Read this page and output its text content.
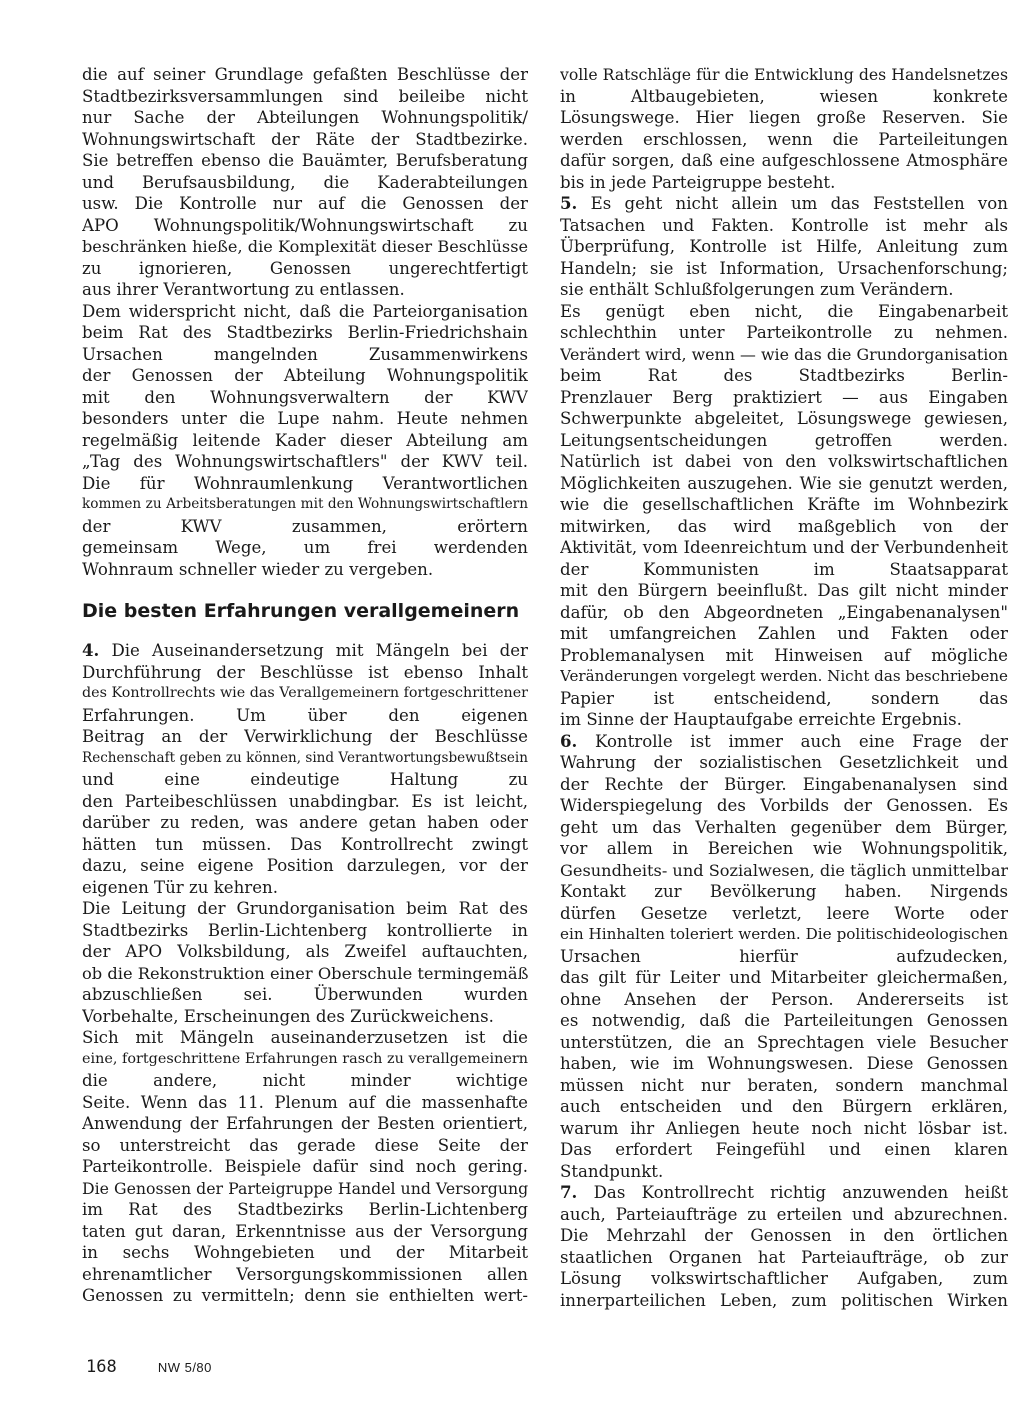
die auf seiner Grundlage gefaßten Beschlüsse der
Stadtbezirksversammlungen sind beileibe nicht
nur Sache der Abteilungen Wohnungspolitik/
Wohnungswirtschaft der Räte der Stadtbezirke.
Sie betreffen ebenso die Bauämter, Berufsberatung
und Berufsausbildung, die Kaderabteilungen
usw. Die Kontrolle nur auf die Genossen der
APO Wohnungspolitik/Wohnungswirtschaft zu
beschränken hieße, die Komplexität dieser Beschlüsse
zu ignorieren, Genossen ungerechtfertigt
aus ihrer Verantwortung zu entlassen.
Dem widerspricht nicht, daß die Parteiorganisation
beim Rat des Stadtbezirks Berlin-Friedrichshain
Ursachen mangelnden Zusammenwirkens
der Genossen der Abteilung Wohnungspolitik
mit den Wohnungsverwaltern der KWV
besonders unter die Lupe nahm. Heute nehmen
regelmäßig leitende Kader dieser Abteilung am
„Tag des Wohnungswirtschaftlers" der KWV teil.
Die für Wohnraumlenkung Verantwortlichen
kommen zu Arbeitsberatungen mit den Wohnungswirtschaftlern
der KWV zusammen, erörtern
gemeinsam Wege, um frei werdenden
Wohnraum schneller wieder zu vergeben.
Die besten Erfahrungen verallgemeinern
4. Die Auseinandersetzung mit Mängeln bei der
Durchführung der Beschlüsse ist ebenso Inhalt
des Kontrollrechts wie das Verallgemeinern fortgeschrittener
Erfahrungen. Um über den eigenen
Beitrag an der Verwirklichung der Beschlüsse
Rechenschaft geben zu können, sind Verantwortungsbewußtsein
und eine eindeutige Haltung zu
den Parteibeschlüssen unabdingbar. Es ist leicht,
darüber zu reden, was andere getan haben oder
hätten tun müssen. Das Kontrollrecht zwingt
dazu, seine eigene Position darzulegen, vor der
eigenen Tür zu kehren.
Die Leitung der Grundorganisation beim Rat des
Stadtbezirks Berlin-Lichtenberg kontrollierte in
der APO Volksbildung, als Zweifel auftauchten,
ob die Rekonstruktion einer Oberschule termingemäß
abzuschließen sei. Überwunden wurden
Vorbehalte, Erscheinungen des Zurückweichens.
Sich mit Mängeln auseinanderzusetzen ist die
eine, fortgeschrittene Erfahrungen rasch zu verallgemeinern
die andere, nicht minder wichtige
Seite. Wenn das 11. Plenum auf die massenhafte
Anwendung der Erfahrungen der Besten orientiert,
so unterstreicht das gerade diese Seite der
Parteikontrolle. Beispiele dafür sind noch gering.
Die Genossen der Parteigruppe Handel und Versorgung
im Rat des Stadtbezirks Berlin-Lichtenberg
taten gut daran, Erkenntnisse aus der Versorgung
in sechs Wohngebieten und der Mitarbeit
ehrenamtlicher Versorgungskommissionen allen
Genossen zu vermitteln; denn sie enthielten wert-
volle Ratschläge für die Entwicklung des Handelsnetzes
in Altbaugebieten, wiesen konkrete
Lösungswege. Hier liegen große Reserven. Sie
werden erschlossen, wenn die Parteileitungen
dafür sorgen, daß eine aufgeschlossene Atmosphäre
bis in jede Parteigruppe besteht.
5. Es geht nicht allein um das Feststellen von
Tatsachen und Fakten. Kontrolle ist mehr als
Überprüfung, Kontrolle ist Hilfe, Anleitung zum
Handeln; sie ist Information, Ursachenforschung;
sie enthält Schlußfolgerungen zum Verändern.
Es genügt eben nicht, die Eingabenarbeit
schlechthin unter Parteikontrolle zu nehmen.
Verändert wird, wenn — wie das die Grundorganisation
beim Rat des Stadtbezirks Berlin-
Prenzlauer Berg praktiziert — aus Eingaben
Schwerpunkte abgeleitet, Lösungswege gewiesen,
Leitungsentscheidungen getroffen werden.
Natürlich ist dabei von den volkswirtschaftlichen
Möglichkeiten auszugehen. Wie sie genutzt werden,
wie die gesellschaftlichen Kräfte im Wohnbezirk
mitwirken, das wird maßgeblich von der
Aktivität, vom Ideenreichtum und der Verbundenheit
der Kommunisten im Staatsapparat
mit den Bürgern beeinflußt. Das gilt nicht minder
dafür, ob den Abgeordneten „Eingabenanalysen"
mit umfangreichen Zahlen und Fakten oder
Problemanalysen mit Hinweisen auf mögliche
Veränderungen vorgelegt werden. Nicht das beschriebene
Papier ist entscheidend, sondern das
im Sinne der Hauptaufgabe erreichte Ergebnis.
6. Kontrolle ist immer auch eine Frage der
Wahrung der sozialistischen Gesetzlichkeit und
der Rechte der Bürger. Eingabenanalysen sind
Widerspiegelung des Vorbilds der Genossen. Es
geht um das Verhalten gegenüber dem Bürger,
vor allem in Bereichen wie Wohnungspolitik,
Gesundheits- und Sozialwesen, die täglich unmittelbar
Kontakt zur Bevölkerung haben. Nirgends
dürfen Gesetze verletzt, leere Worte oder
ein Hinhalten toleriert werden. Die politischideologischen
Ursachen hierfür aufzudecken,
das gilt für Leiter und Mitarbeiter gleichermaßen,
ohne Ansehen der Person. Andererseits ist
es notwendig, daß die Parteileitungen Genossen
unterstützen, die an Sprechtagen viele Besucher
haben, wie im Wohnungswesen. Diese Genossen
müssen nicht nur beraten, sondern manchmal
auch entscheiden und den Bürgern erklären,
warum ihr Anliegen heute noch nicht lösbar ist.
Das erfordert Feingefühl und einen klaren
Standpunkt.
7. Das Kontrollrecht richtig anzuwenden heißt
auch, Parteiaufträge zu erteilen und abzurechnen.
Die Mehrzahl der Genossen in den örtlichen
staatlichen Organen hat Parteiaufträge, ob zur
Lösung volkswirtschaftlicher Aufgaben, zum
innerparteilichen Leben, zum politischen Wirken
168	NW 5/80
